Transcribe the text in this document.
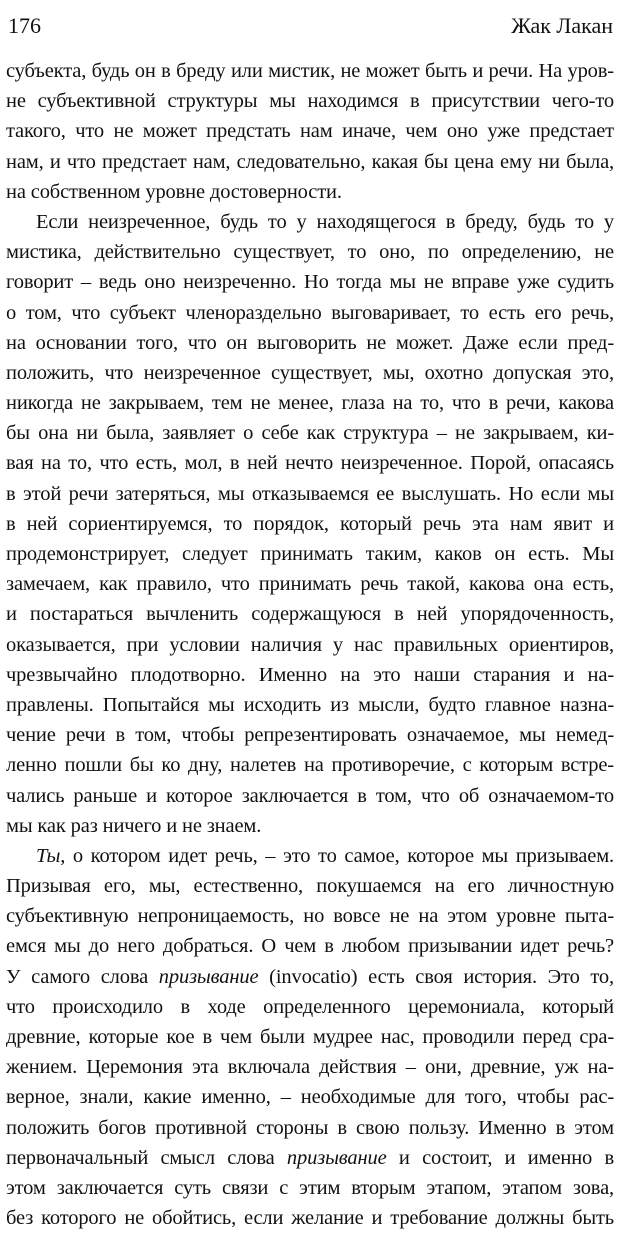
176	Жак Лакан
субъекта, будь он в бреду или мистик, не может быть и речи. На уров-
не субъективной структуры мы находимся в присутствии чего-то
такого, что не может предстать нам иначе, чем оно уже предстает
нам, и что предстает нам, следовательно, какая бы цена ему ни была,
на собственном уровне достоверности.
Если неизреченное, будь то у находящегося в бреду, будь то у
мистика, действительно существует, то оно, по определению, не
говорит – ведь оно неизреченно. Но тогда мы не вправе уже судить
о том, что субъект членораздельно выговаривает, то есть его речь,
на основании того, что он выговорить не может. Даже если пред-
положить, что неизреченное существует, мы, охотно допуская это,
никогда не закрываем, тем не менее, глаза на то, что в речи, какова
бы она ни была, заявляет о себе как структура – не закрываем, ки-
вая на то, что есть, мол, в ней нечто неизреченное. Порой, опасаясь
в этой речи затеряться, мы отказываемся ее выслушать. Но если мы
в ней сориентируемся, то порядок, который речь эта нам явит и
продемонстрирует, следует принимать таким, каков он есть. Мы
замечаем, как правило, что принимать речь такой, какова она есть,
и постараться вычленить содержащуюся в ней упорядоченность,
оказывается, при условии наличия у нас правильных ориентиров,
чрезвычайно плодотворно. Именно на это наши старания и на-
правлены. Попытайся мы исходить из мысли, будто главное назна-
чение речи в том, чтобы репрезентировать означаемое, мы немед-
ленно пошли бы ко дну, налетев на противоречие, с которым встре-
чались раньше и которое заключается в том, что об означаемом-то
мы как раз ничего и не знаем.
Ты, о котором идет речь, – это то самое, которое мы призываем.
Призывая его, мы, естественно, покушаемся на его личностную
субъективную непроницаемость, но вовсе не на этом уровне пыта-
емся мы до него добраться. О чем в любом призывании идет речь?
У самого слова призывание (invocatio) есть своя история. Это то,
что происходило в ходе определенного церемониала, который
древние, которые кое в чем были мудрее нас, проводили перед сра-
жением. Церемония эта включала действия – они, древние, уж на-
верное, знали, какие именно, – необходимые для того, чтобы рас-
положить богов противной стороны в свою пользу. Именно в этом
первоначальный смысл слова призывание и состоит, и именно в
этом заключается суть связи с этим вторым этапом, этапом зова,
без которого не обойтись, если желание и требование должны быть
